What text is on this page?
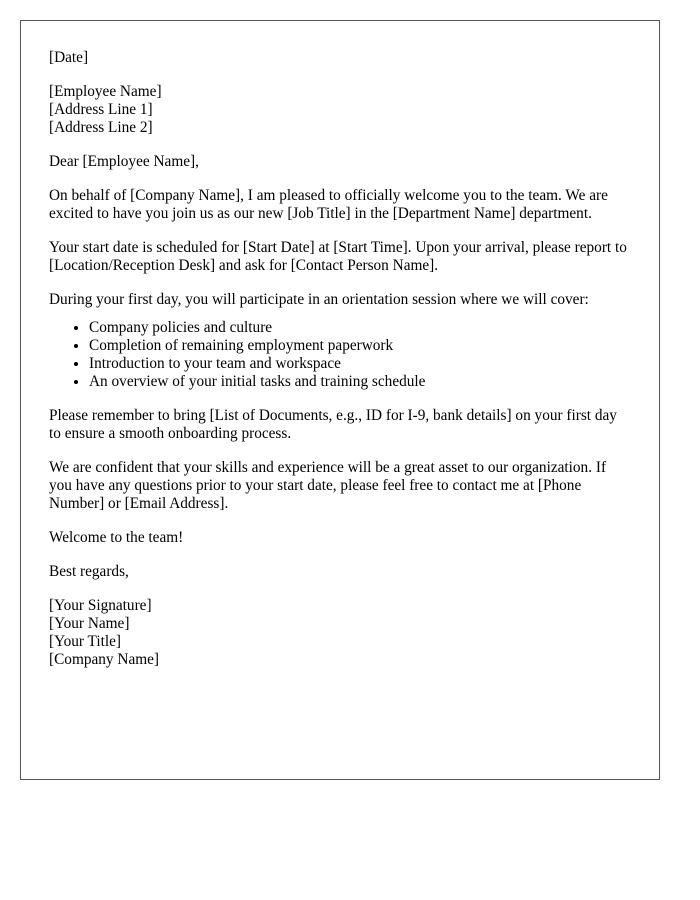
[Date]
[Employee Name]
[Address Line 1]
[Address Line 2]

Dear [Employee Name],

On behalf of [Company Name], I am pleased to officially welcome you to the team. We are excited to have you join us as our new [Job Title] in the [Department Name] department.

Your start date is scheduled for [Start Date] at [Start Time]. Upon your arrival, please report to [Location/Reception Desk] and ask for [Contact Person Name].

During your first day, you will participate in an orientation session where we will cover:

• Company policies and culture
• Completion of remaining employment paperwork
• Introduction to your team and workspace
• An overview of your initial tasks and training schedule

Please remember to bring [List of Documents, e.g., ID for I-9, bank details] on your first day to ensure a smooth onboarding process.

We are confident that your skills and experience will be a great asset to our organization. If you have any questions prior to your start date, please feel free to contact me at [Phone Number] or [Email Address].

Welcome to the team!

Best regards,

[Your Signature]
[Your Name]
[Your Title]
[Company Name]
